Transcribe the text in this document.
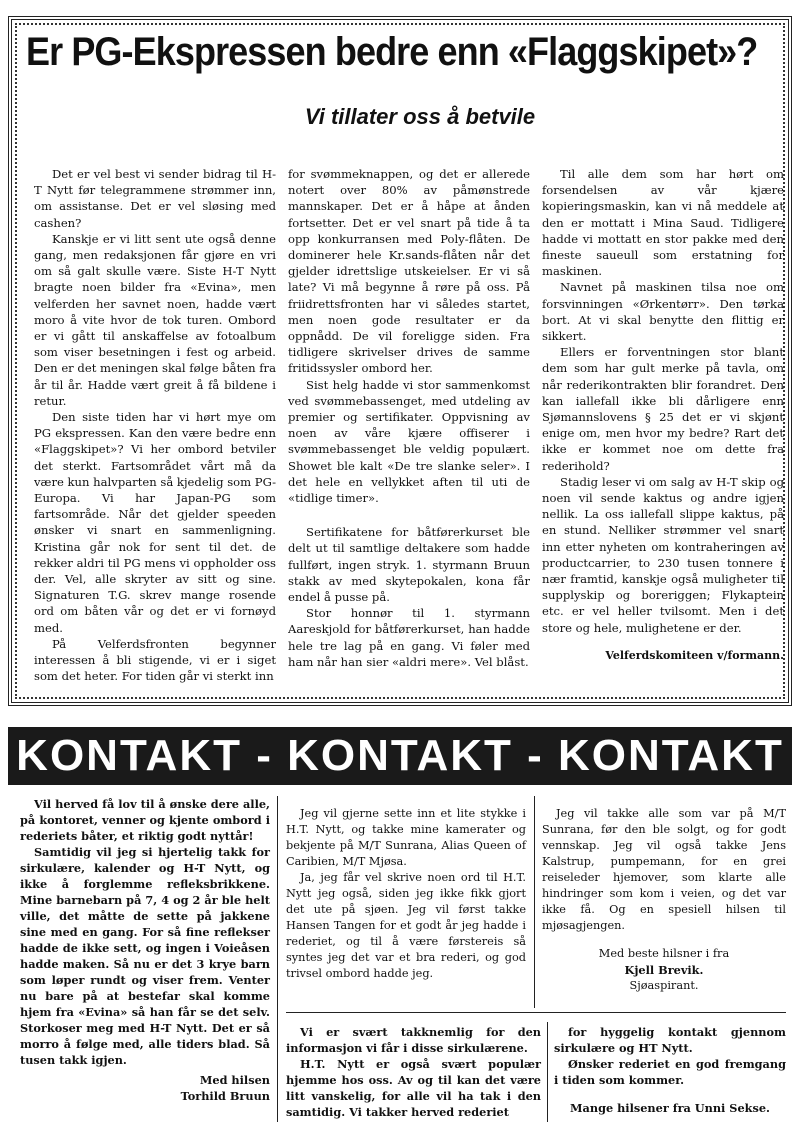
Er PG-Ekspressen bedre enn «Flaggskipet»?
Vi tillater oss å betvile

Det er vel best vi sender bidrag til H-T Nytt før telegrammene strømmer inn, om assistanse. Det er vel sløsing med cashen?

Kanskje er vi litt sent ute også denne gang, men redaksjonen får gjøre en vri om så galt skulle være. Siste H-T Nytt bragte noen bilder fra «Evina», men velferden her savnet noen, hadde vært moro å vite hvor de tok turen. Ombord er vi gått til anskaffelse av fotoalbum som viser besetningen i fest og arbeid. Den er det meningen skal følge båten fra år til år. Hadde vært greit å få bildene i retur.

Den siste tiden har vi hørt mye om PG ekspressen. Kan den være bedre enn «Flaggskipet»? Vi her ombord betviler det sterkt. Fartsområdet vårt må da være kun halvparten så kjedelig som PG-Europa. Vi har Japan-PG som fartsområde. Når det gjelder speeden ønsker vi snart en sammenligning. Kristina går nok for sent til det. de rekker aldri til PG mens vi oppholder oss der. Vel, alle skryter av sitt og sine. Signaturen T.G. skrev mange rosende ord om båten vår og det er vi fornøyd med.

På Velferdsfronten begynner interessen å bli stigende, vi er i siget som det heter. For tiden går vi sterkt inn

for svømmeknappen, og det er allerede notert over 80% av påmønstrede mannskaper. Det er å håpe at ånden fortsetter. Det er vel snart på tide å ta opp konkurransen med Poly-flåten. De dominerer hele Kr.sands-flåten når det gjelder idrettslige utskeielser. Er vi så late? Vi må begynne å røre på oss. På friidrettsfronten har vi således startet, men noen gode resultater er da oppnådd. De vil foreligge siden. Fra tidligere skrivelser drives de samme fritidssysler ombord her.

Sist helg hadde vi stor sammenkomst ved svømmebassenget, med utdeling av premier og sertifikater. Oppvisning av noen av våre kjære offiserer i svømmebassenget ble veldig populært. Showet ble kalt «De tre slanke seler». I det hele en vellykket aften til uti de «tidlige timer».

Sertifikatene for båtførerkurset ble delt ut til samtlige deltakere som hadde fullført, ingen stryk. 1. styrmann Bruun stakk av med skytepokalen, kona får endel å pusse på.

Stor honnør til 1. styrmann Aareskjold for båtførerkurset, han hadde hele tre lag på en gang. Vi føler med ham når han sier «aldri mere». Vel blåst.

Til alle dem som har hørt om forsendelsen av vår kjære kopieringsmaskin, kan vi nå meddele at den er mottatt i Mina Saud. Tidligere hadde vi mottatt en stor pakke med den fineste saueull som erstatning for maskinen.

Navnet på maskinen tilsa noe om forsvinningen «Ørkentørr». Den tørka bort. At vi skal benytte den flittig er sikkert.

Ellers er forventningen stor blant dem som har gult merke på tavla, om når rederikontrakten blir forandret. Den kan iallefall ikke bli dårligere enn Sjømannslovens § 25 det er vi skjønt enige om, men hvor my bedre? Rart det ikke er kommet noe om dette fra rederihold?

Stadig leser vi om salg av H-T skip og noen vil sende kaktus og andre igjen nellik. La oss iallefall slippe kaktus, på en stund. Nelliker strømmer vel snart inn etter nyheten om kontraheringen av productcarrier, to 230 tusen tonnere i nær framtid, kanskje også muligheter til supplyskip og boreriggen; Flykaptein etc. er vel heller tvilsomt. Men i det store og hele, mulighetene er der.

Velferdskomiteen v/formann.
KONTAKT - KONTAKT - KONTAKT

Vil herved få lov til å ønske dere alle, på kontoret, venner og kjente ombord i rederiets båter, et riktig godt nyttår!

Samtidig vil jeg si hjertelig takk for sirkulære, kalender og H-T Nytt, og ikke å forglemme refleksbrikkene. Mine barnebarn på 7, 4 og 2 år ble helt ville, det måtte de sette på jakkene sine med en gang. For så fine reflekser hadde de ikke sett, og ingen i Voieåsen hadde maken. Så nu er det 3 krye barn som løper rundt og viser frem. Venter nu bare på at bestefar skal komme hjem fra «Evina» så han får se det selv. Storkoser meg med H-T Nytt. Det er så morro å følge med, alle tiders blad. Så tusen takk igjen.

Med hilsen
Torhild Bruun

Jeg vil gjerne sette inn et lite stykke i H.T. Nytt, og takke mine kamerater og bekjente på M/T Sunrana, Alias Queen of Caribien, M/T Mjøsa.

Ja, jeg får vel skrive noen ord til H.T. Nytt jeg også, siden jeg ikke fikk gjort det ute på sjøen. Jeg vil først takke Hansen Tangen for et godt år jeg hadde i rederiet, og til å være førstereis så syntes jeg det var et bra rederi, og god trivsel ombord hadde jeg.

Jeg vil takke alle som var på M/T Sunrana, før den ble solgt, og for godt vennskap. Jeg vil også takke Jens Kalstrup, pumpemann, for en grei reiseleder hjemover, som klarte alle hindringer som kom i veien, og det var ikke få. Og en spesiell hilsen til mjøsagjengen.

Med beste hilsner i fra
Kjell Brevik.
Sjøaspirant.

Vi er svært takknemlig for den informasjon vi får i disse sirkulærene.

H.T. Nytt er også svært populær hjemme hos oss. Av og til kan det være litt vanskelig, for alle vil ha tak i den samtidig. Vi takker herved rederiet

for hyggelig kontakt gjennom sirkulære og HT Nytt.

Ønsker rederiet en god fremgang i tiden som kommer.

Mange hilsener fra Unni Sekse.
